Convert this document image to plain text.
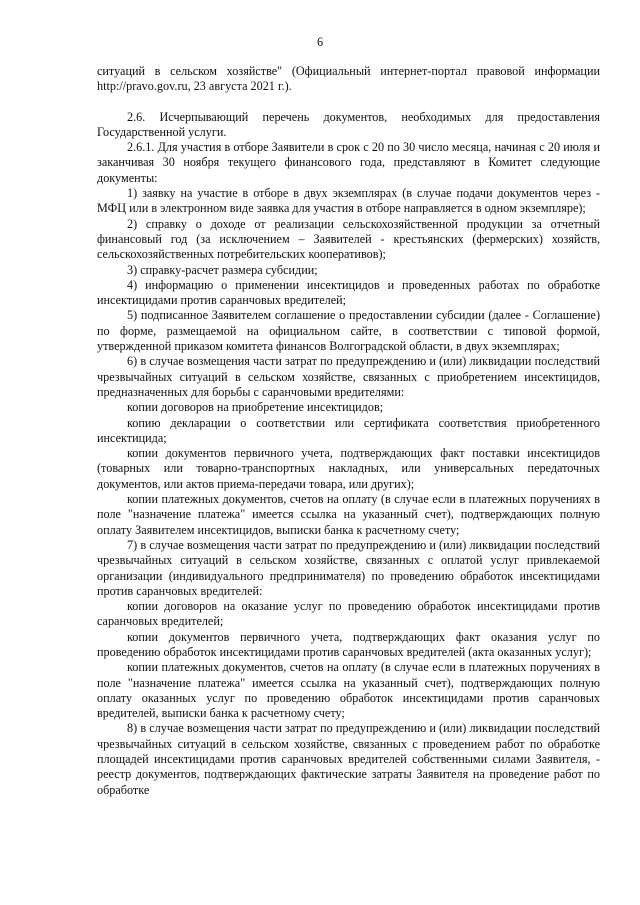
6

ситуаций в сельском хозяйстве" (Официальный интернет-портал правовой информации http://pravo.gov.ru, 23 августа 2021 г.).

2.6. Исчерпывающий перечень документов, необходимых для предоставления Государственной услуги.

2.6.1. Для участия в отборе Заявители в срок с 20 по 30 число месяца, начиная с 20 июля и заканчивая 30 ноября текущего финансового года, представляют в Комитет следующие документы:

1) заявку на участие в отборе в двух экземплярах (в случае подачи документов через - МФЦ или в электронном виде заявка для участия в отборе направляется в одном экземпляре);

2) справку о доходе от реализации сельскохозяйственной продукции за отчетный финансовый год (за исключением – Заявителей - крестьянских (фермерских) хозяйств, сельскохозяйственных потребительских кооперативов);

3) справку-расчет размера субсидии;

4) информацию о применении инсектицидов и проведенных работах по обработке инсектицидами против саранчовых вредителей;

5) подписанное Заявителем соглашение о предоставлении субсидии (далее - Соглашение) по форме, размещаемой на официальном сайте, в соответствии с типовой формой, утвержденной приказом комитета финансов Волгоградской области, в двух экземплярах;

6) в случае возмещения части затрат по предупреждению и (или) ликвидации последствий чрезвычайных ситуаций в сельском хозяйстве, связанных с приобретением инсектицидов, предназначенных для борьбы с саранчовыми вредителями:

копии договоров на приобретение инсектицидов;

копию декларации о соответствии или сертификата соответствия приобретенного инсектицида;

копии документов первичного учета, подтверждающих факт поставки инсектицидов (товарных или товарно-транспортных накладных, или универсальных передаточных документов, или актов приема-передачи товара, или других);

копии платежных документов, счетов на оплату (в случае если в платежных поручениях в поле "назначение платежа" имеется ссылка на указанный счет), подтверждающих полную оплату Заявителем инсектицидов, выписки банка к расчетному счету;

7) в случае возмещения части затрат по предупреждению и (или) ликвидации последствий чрезвычайных ситуаций в сельском хозяйстве, связанных с оплатой услуг привлекаемой организации (индивидуального предпринимателя) по проведению обработок инсектицидами против саранчовых вредителей:

копии договоров на оказание услуг по проведению обработок инсектицидами против саранчовых вредителей;

копии документов первичного учета, подтверждающих факт оказания услуг по проведению обработок инсектицидами против саранчовых вредителей (акта оказанных услуг);

копии платежных документов, счетов на оплату (в случае если в платежных поручениях в поле "назначение платежа" имеется ссылка на указанный счет), подтверждающих полную оплату оказанных услуг по проведению обработок инсектицидами против саранчовых вредителей, выписки банка к расчетному счету;

8) в случае возмещения части затрат по предупреждению и (или) ликвидации последствий чрезвычайных ситуаций в сельском хозяйстве, связанных с проведением работ по обработке площадей инсектицидами против саранчовых вредителей собственными силами Заявителя, - реестр документов, подтверждающих фактические затраты Заявителя на проведение работ по обработке
